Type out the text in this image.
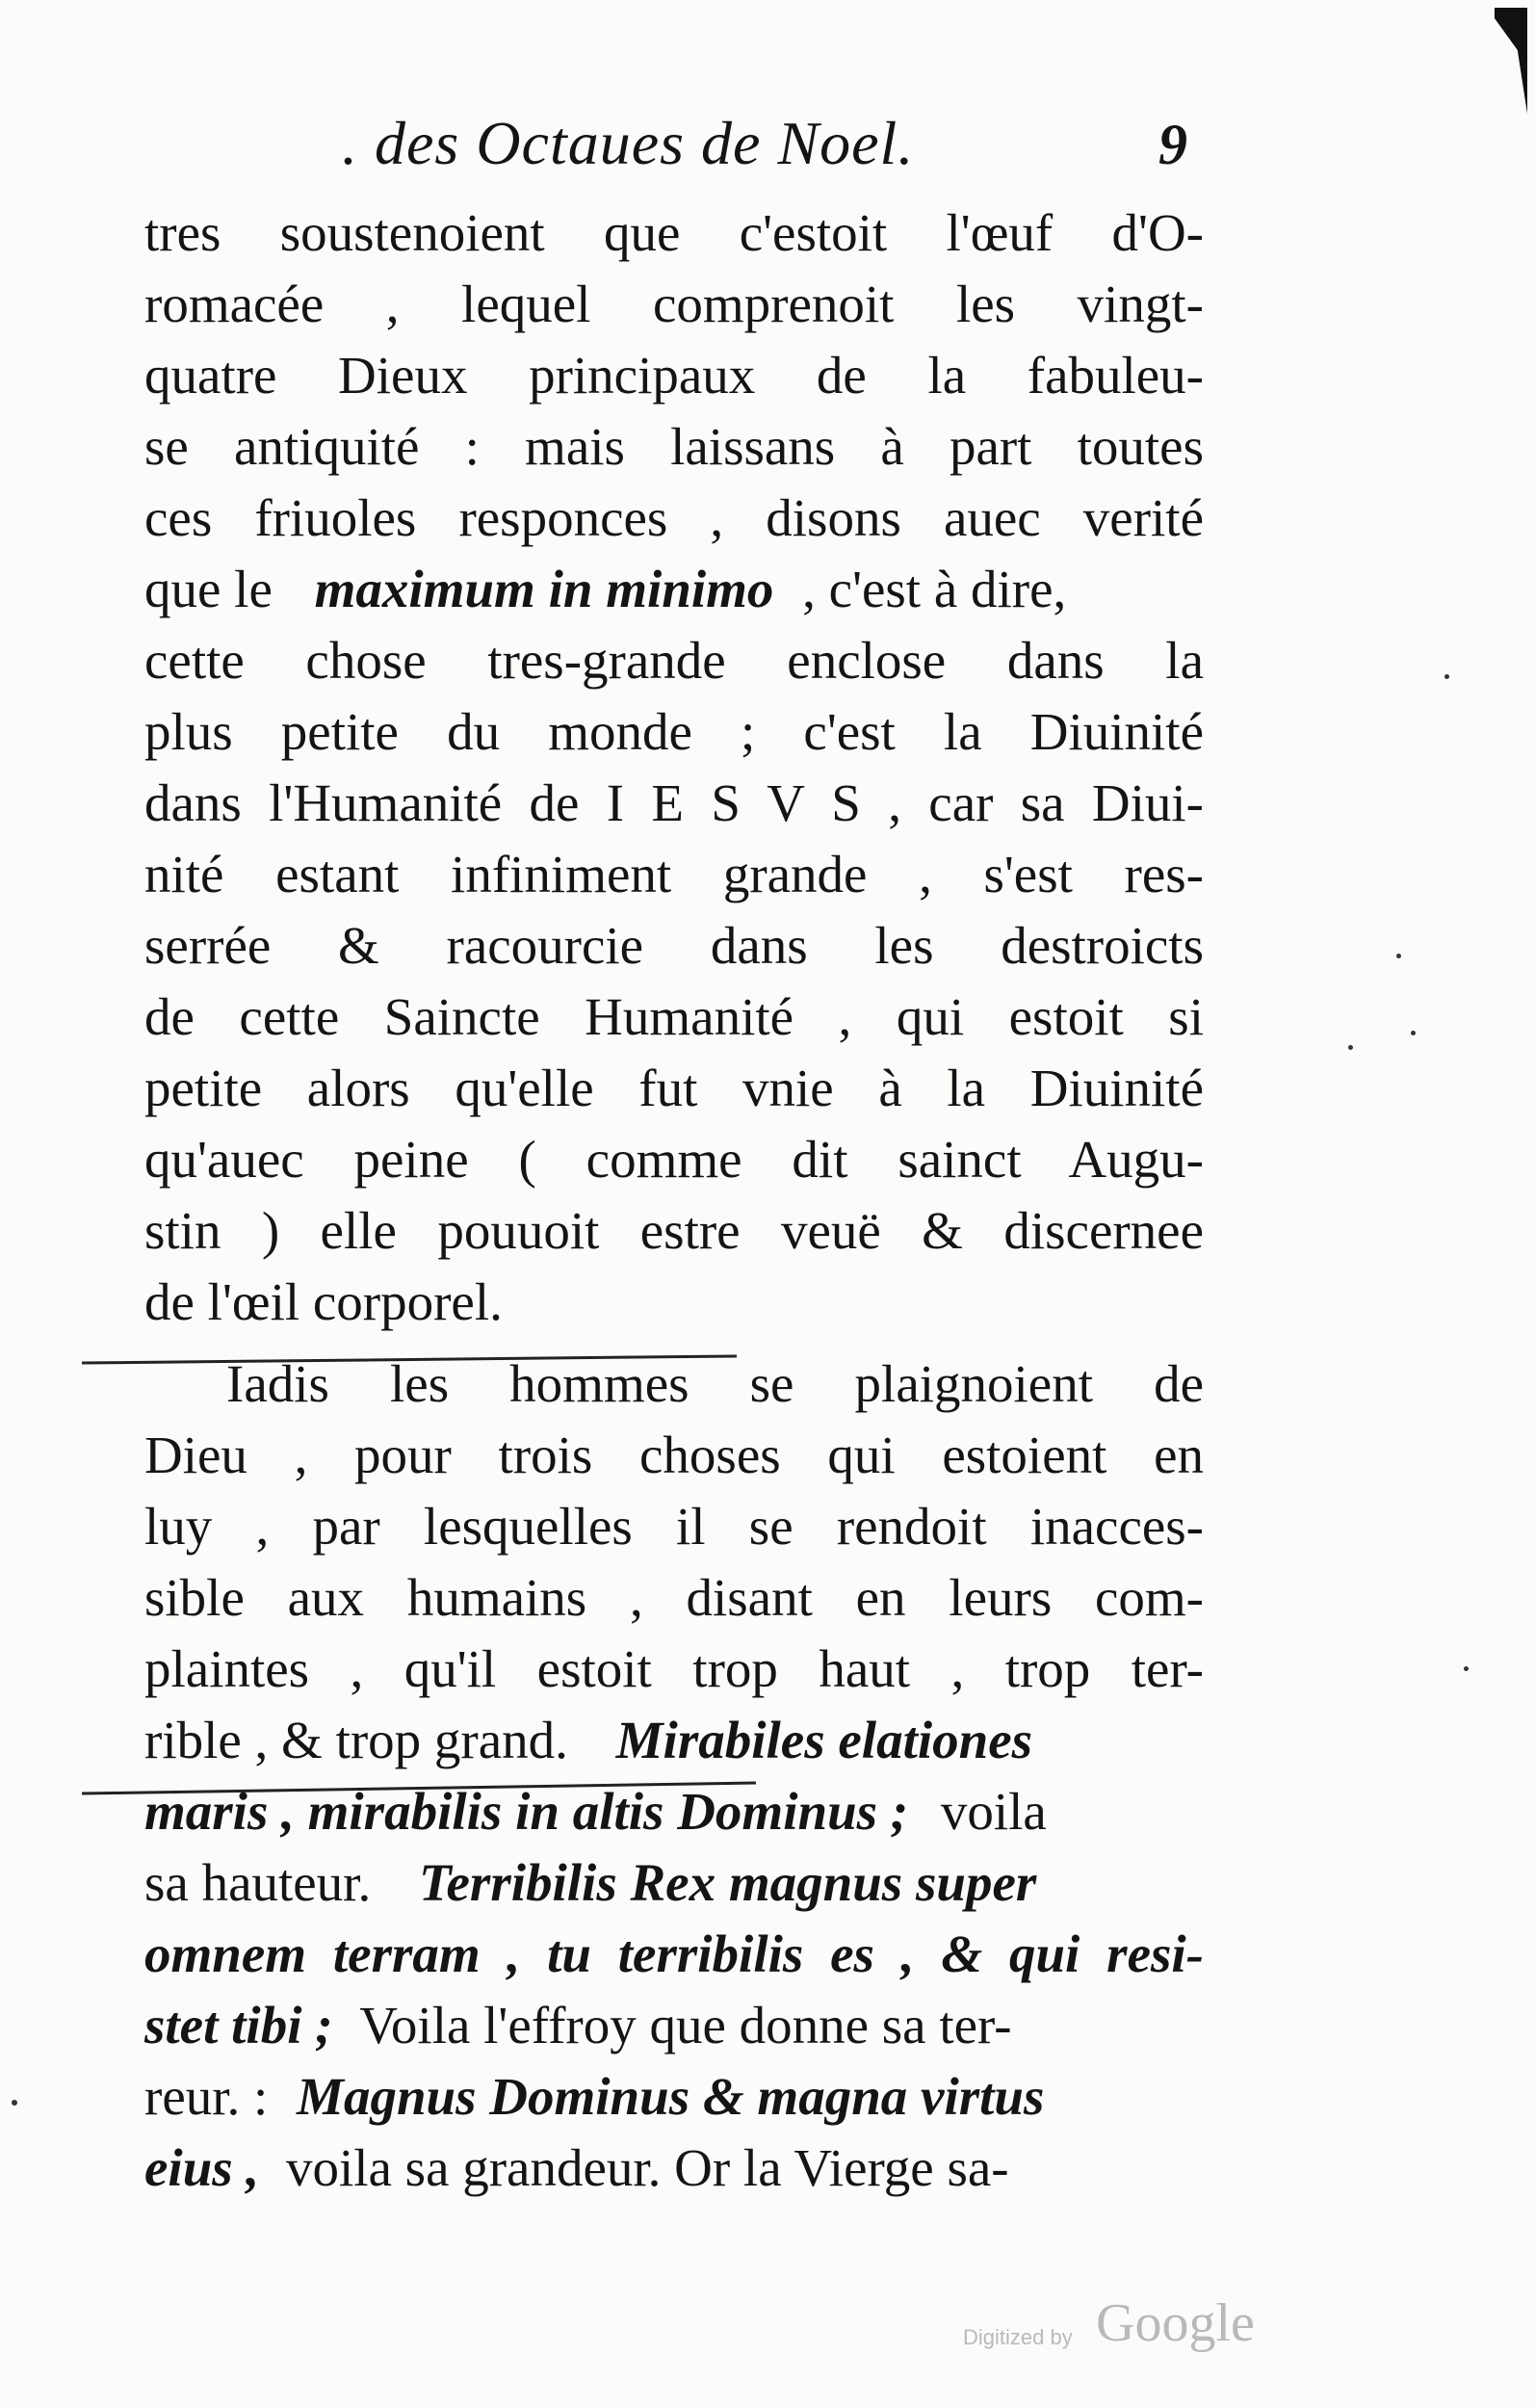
. des Octaues de Noel.	9
tres soustenoient que c'estoit l'œuf d'O-
romacée , lequel comprenoit les vingt-
quatre Dieux principaux de la fabuleu-
se antiquité : mais laissans à part toutes
ces friuoles responces , disons auec verité
que le maximum in minimo , c'est à dire,
cette chose tres-grande enclose dans la
plus petite du monde ; c'est la Diuinité
dans l'Humanité de I E S V S , car sa Diui-
nité estant infiniment grande , s'est res-
serrée & racourcie dans les destroicts
de cette Saincte Humanité , qui estoit si
petite alors qu'elle fut vnie à la Diuinité
qu'auec peine ( comme dit sainct Augu-
stin ) elle pouuoit estre veuë & discernee
de l'œil corporel.
Iadis les hommes se plaignoient de
Dieu , pour trois choses qui estoient en
luy , par lesquelles il se rendoit inacces-
sible aux humains , disant en leurs com-
plaintes , qu'il estoit trop haut , trop ter-
rible , & trop grand. Mirabiles elationes
maris , mirabilis in altis Dominus ; voila
sa hauteur. Terribilis Rex magnus super
omnem terram , tu terribilis es , & qui resi-
stet tibi ; Voila l'effroy que donne sa ter-
reur. : Magnus Dominus & magna virtus
eius , voila sa grandeur. Or la Vierge sa-
Digitized by Google
